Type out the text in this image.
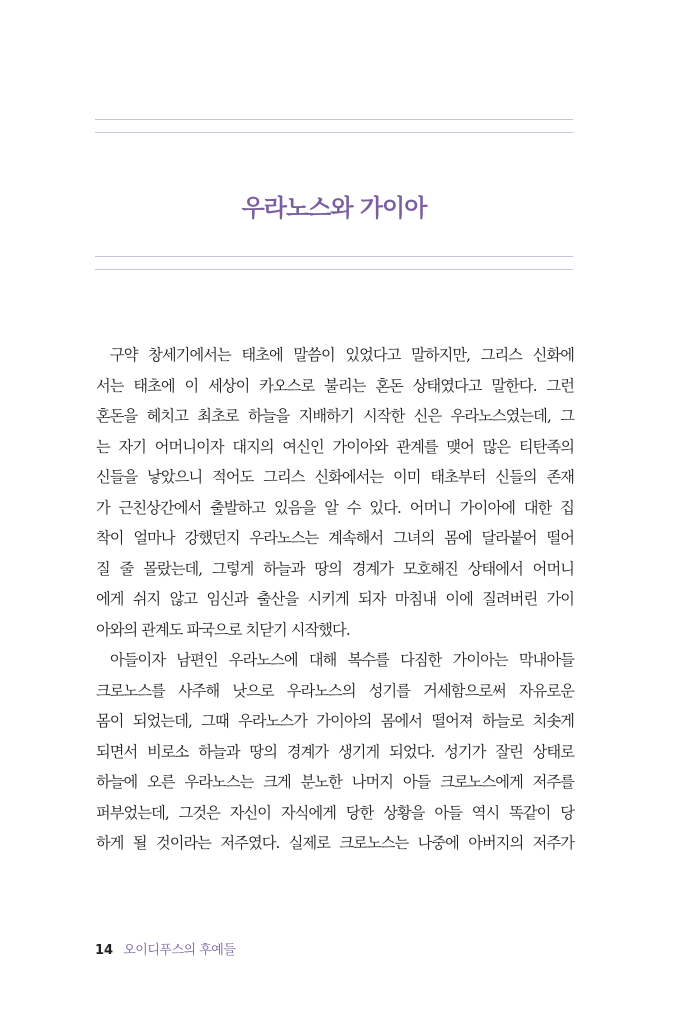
우라노스와 가이아
구약 창세기에서는 태초에 말씀이 있었다고 말하지만, 그리스 신화에
서는 태초에 이 세상이 카오스로 불리는 혼돈 상태였다고 말한다. 그런
혼돈을 헤치고 최초로 하늘을 지배하기 시작한 신은 우라노스였는데, 그
는 자기 어머니이자 대지의 여신인 가이아와 관계를 맺어 많은 티탄족의
신들을 낳았으니 적어도 그리스 신화에서는 이미 태초부터 신들의 존재
가 근친상간에서 출발하고 있음을 알 수 있다. 어머니 가이아에 대한 집
착이 얼마나 강했던지 우라노스는 계속해서 그녀의 몸에 달라붙어 떨어
질 줄 몰랐는데, 그렇게 하늘과 땅의 경계가 모호해진 상태에서 어머니
에게 쉬지 않고 임신과 출산을 시키게 되자 마침내 이에 질려버린 가이
아와의 관계도 파국으로 치닫기 시작했다.
아들이자 남편인 우라노스에 대해 복수를 다짐한 가이아는 막내아들
크로노스를 사주해 낫으로 우라노스의 성기를 거세함으로써 자유로운
몸이 되었는데, 그때 우라노스가 가이아의 몸에서 떨어져 하늘로 치솟게
되면서 비로소 하늘과 땅의 경계가 생기게 되었다. 성기가 잘린 상태로
하늘에 오른 우라노스는 크게 분노한 나머지 아들 크로노스에게 저주를
퍼부었는데, 그것은 자신이 자식에게 당한 상황을 아들 역시 똑같이 당
하게 될 것이라는 저주였다. 실제로 크로노스는 나중에 아버지의 저주가
14 오이디푸스의 후예들
